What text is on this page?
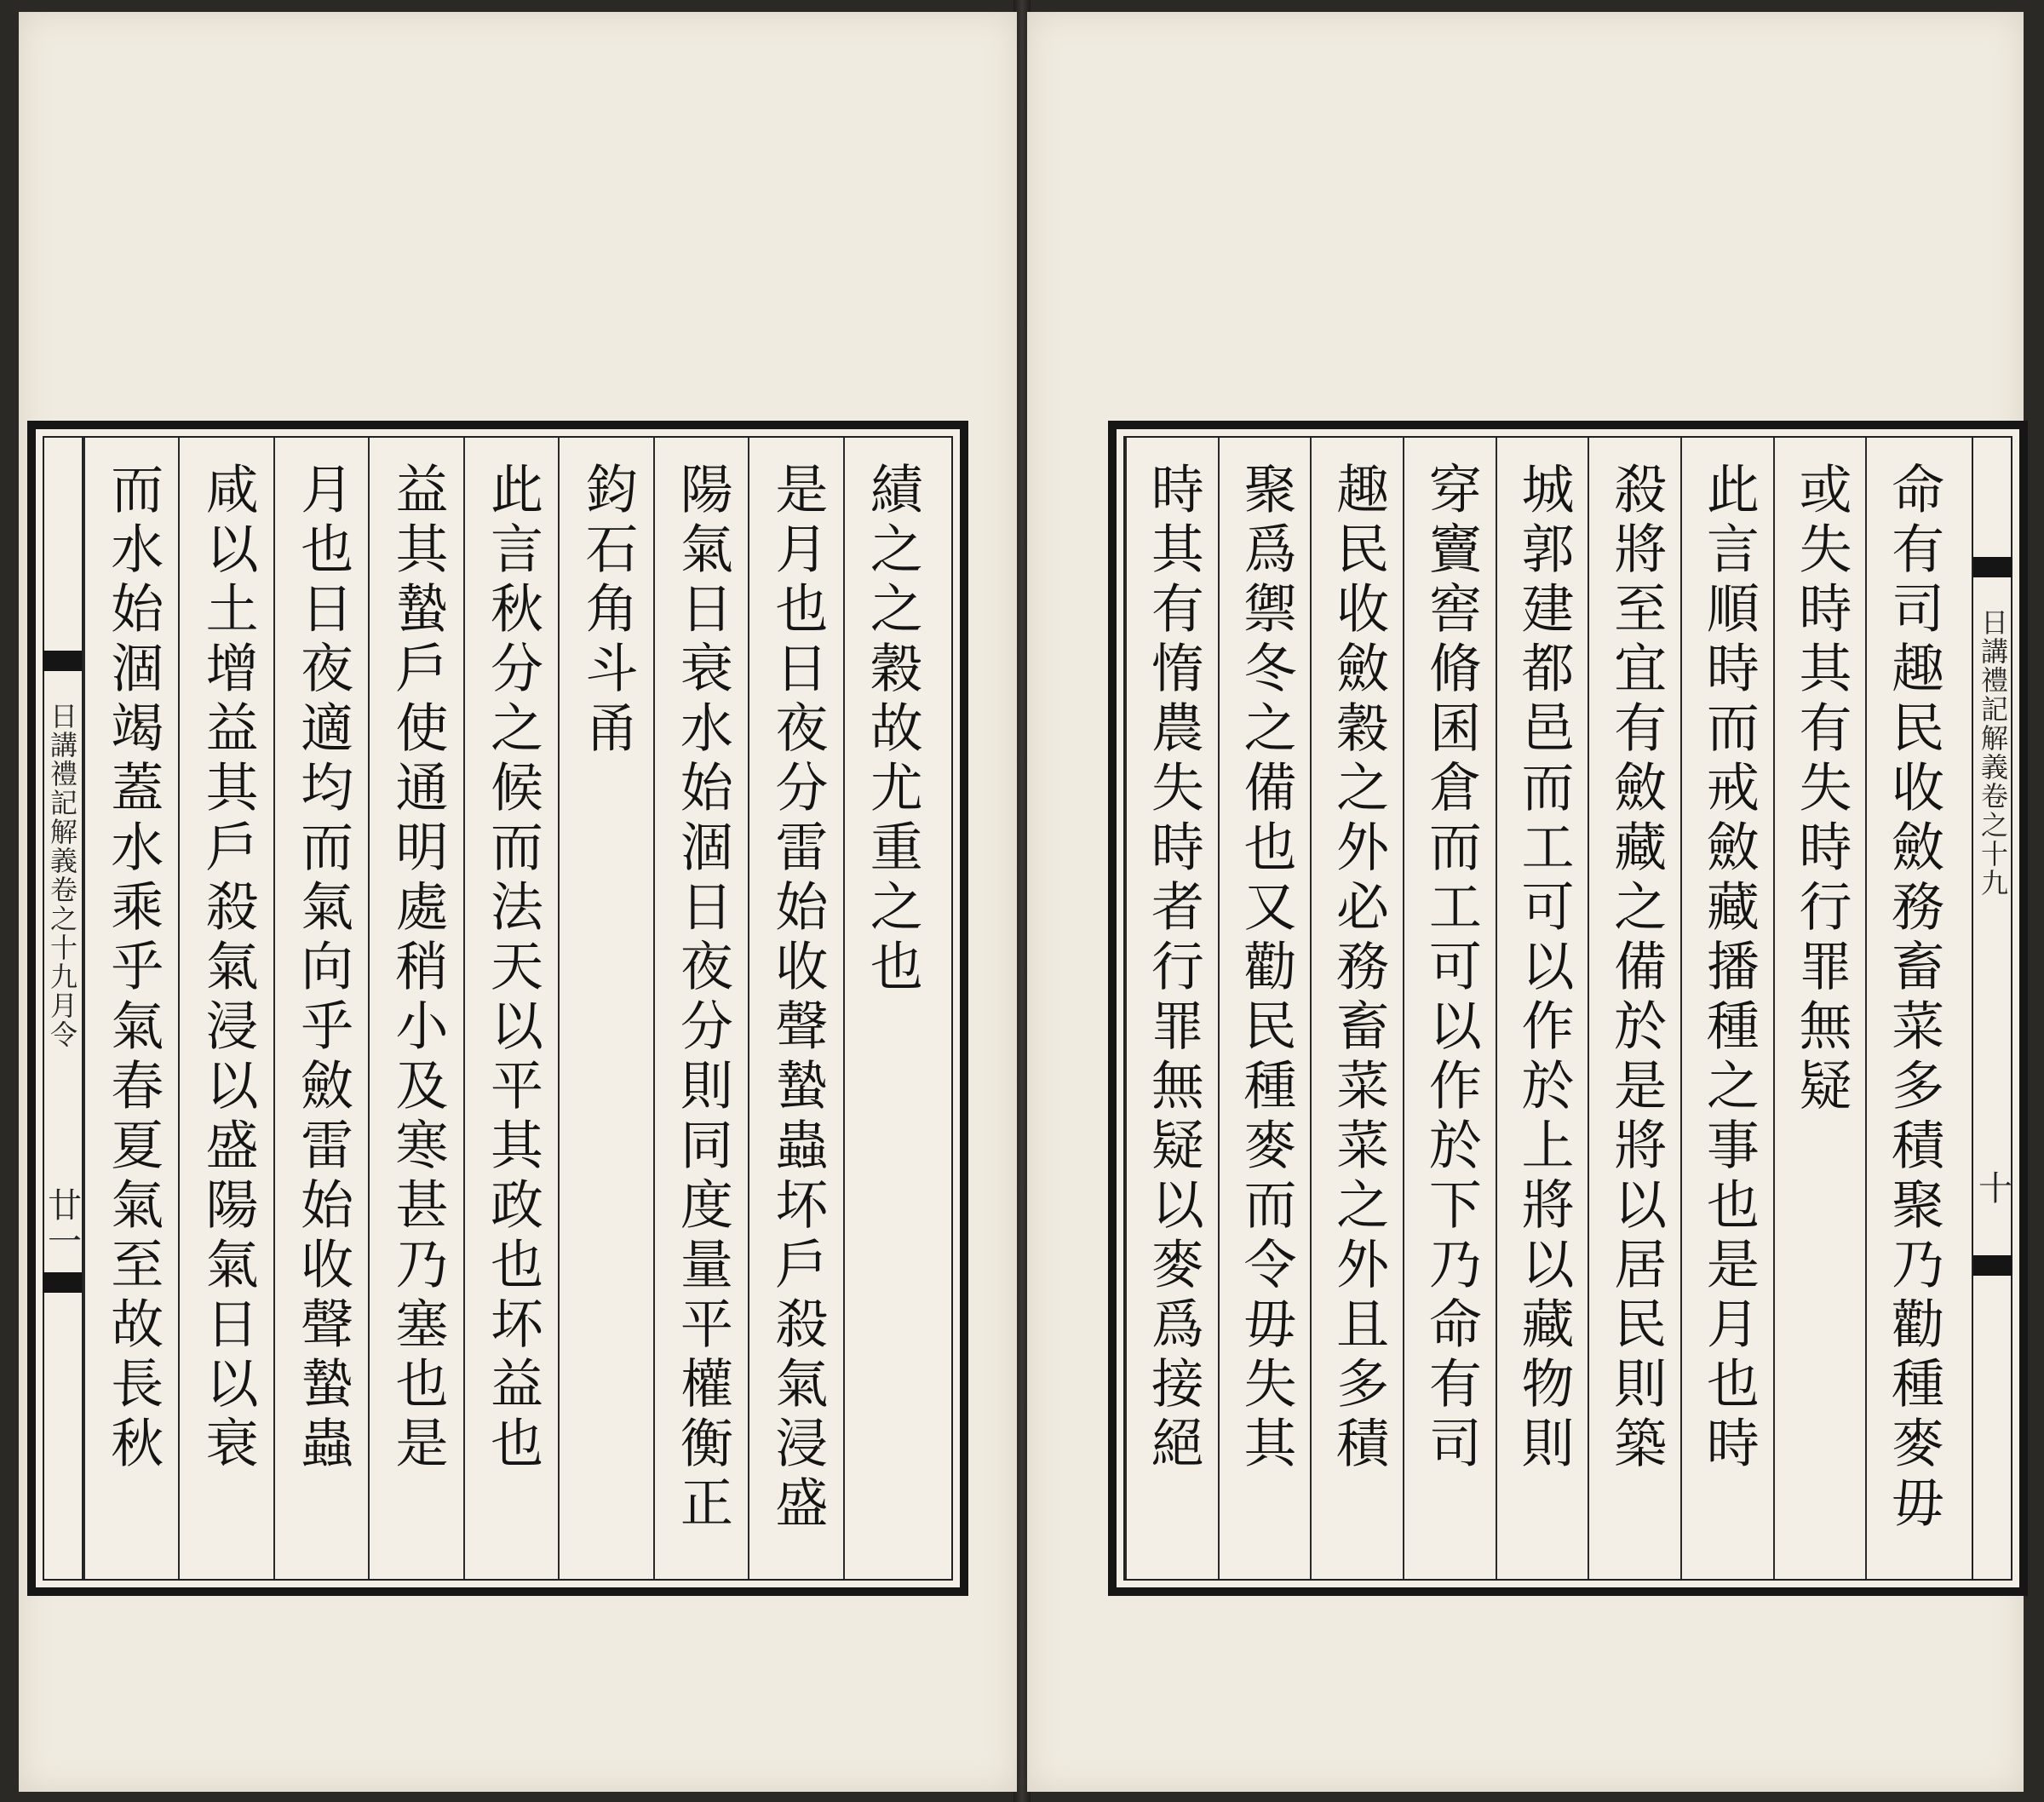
日講禮記解義卷之十九月令
廿一
績之之穀故尤重之也
是月也日夜分雷始收聲蟄蟲坏戶殺氣浸盛
陽氣日衰水始涸日夜分則同度量平權衡正
鈞石角斗甬
此言秋分之候而法天以平其政也坏益也
益其蟄戶使通明處稍小及寒甚乃塞也是
月也日夜適均而氣向乎斂雷始收聲蟄蟲
咸以土增益其戶殺氣浸以盛陽氣日以衰
而水始涸竭蓋水乘乎氣春夏氣至故長秋	命有司趣民收斂務畜菜多積聚乃勸種麥毋
或失時其有失時行罪無疑
此言順時而戒斂藏播種之事也是月也時
殺將至宜有斂藏之備於是將以居民則築
城郭建都邑而工可以作於上將以藏物則
穿竇窖脩囷倉而工可以作於下乃命有司
趣民收斂穀之外必務畜菜菜之外且多積
聚爲禦冬之備也又勸民種麥而令毋失其
時其有惰農失時者行罪無疑以麥爲接絕	日講禮記解義卷之十九
十
